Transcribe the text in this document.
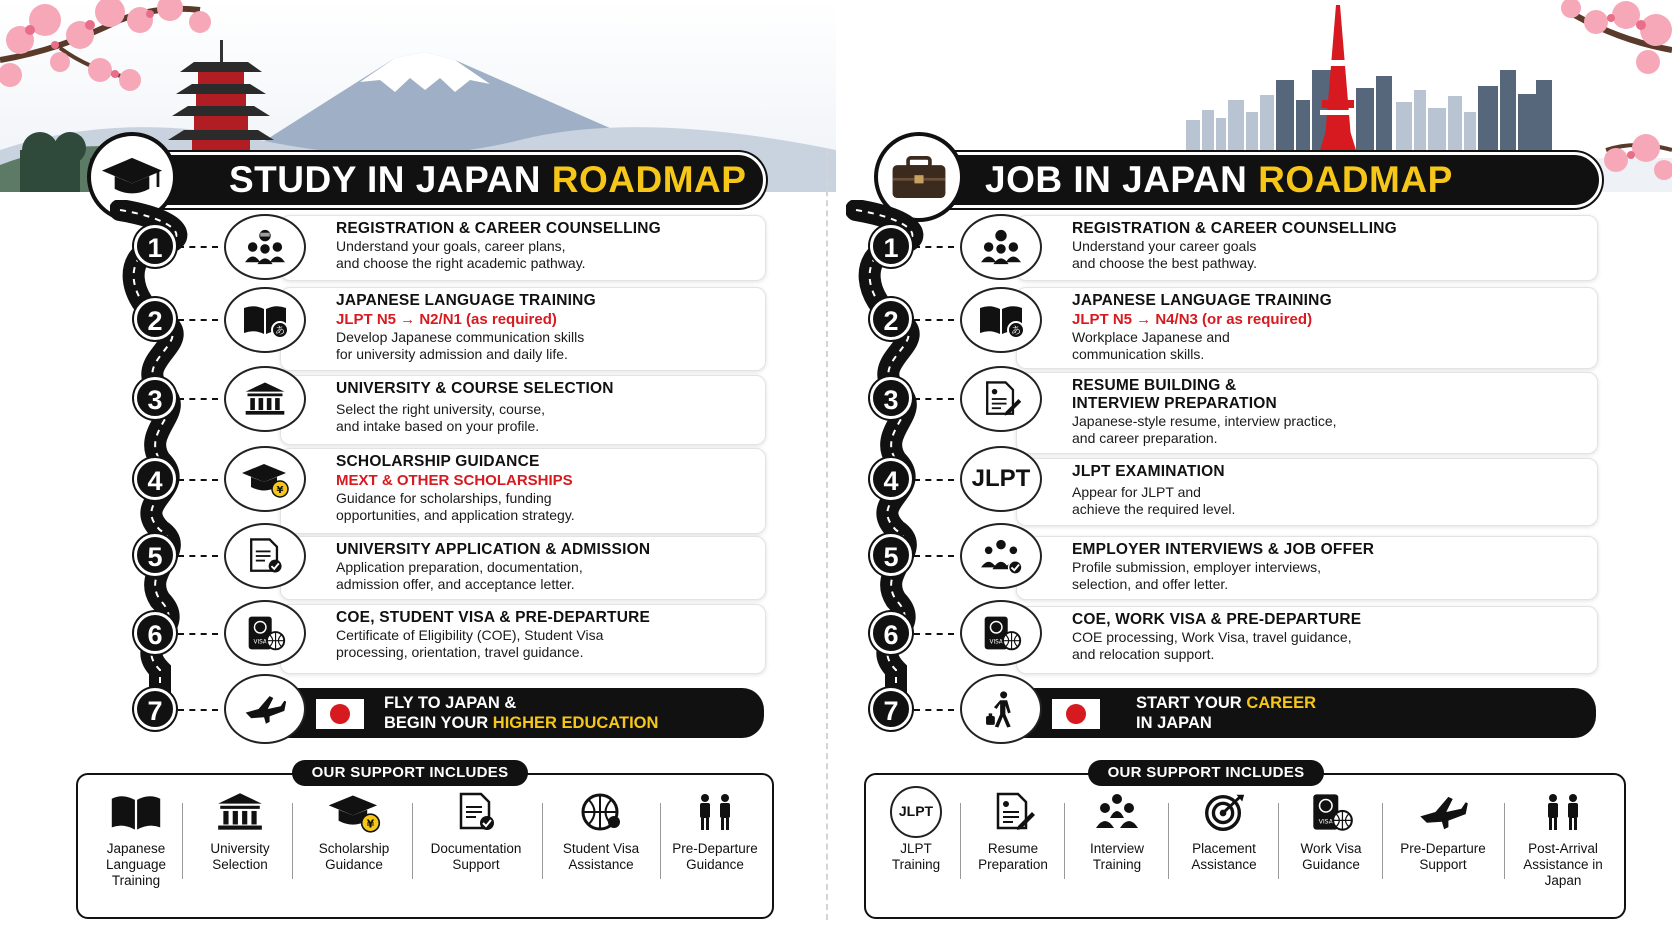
STUDY IN JAPAN ROADMAP
1
REGISTRATION & CAREER COUNSELLING
Understand your goals, career plans,
and choose the right academic pathway.
2	あ
JAPANESE LANGUAGE TRAINING
JLPT N5 → N2/N1 (as required)
Develop Japanese communication skills
for university admission and daily life.
3	UNIVERSITY & COURSE SELECTION
Select the right university, course,
and intake based on your profile.
4	¥
SCHOLARSHIP GUIDANCE
MEXT & OTHER SCHOLARSHIPS
Guidance for scholarships, funding
opportunities, and application strategy.
5	UNIVERSITY APPLICATION & ADMISSION
Application preparation, documentation,
admission offer, and acceptance letter.
6	VISA
COE, STUDENT VISA & PRE-DEPARTURE
Certificate of Eligibility (COE), Student Visa
processing, orientation, travel guidance.
7	FLY TO JAPAN &
BEGIN YOUR HIGHER EDUCATION
Japanese
Language
Training
University
Selection
¥
Scholarship
Guidance
Documentation
Support
Student Visa
Assistance
Pre-Departure
Guidance
OUR SUPPORT INCLUDES
JOB IN JAPAN ROADMAP
1
REGISTRATION & CAREER COUNSELLING
Understand your career goals
and choose the best pathway.
2	あ
JAPANESE LANGUAGE TRAINING
JLPT N5 → N4/N3 (or as required)
Workplace Japanese and
communication skills.
3	RESUME BUILDING &
INTERVIEW PREPARATION
Japanese-style resume, interview practice,
and career preparation.
4	JLPT	JLPT EXAMINATION
Appear for JLPT and
achieve the required level.
5	EMPLOYER INTERVIEWS & JOB OFFER
Profile submission, employer interviews,
selection, and offer letter.
6	VISA
COE, WORK VISA & PRE-DEPARTURE
COE processing, Work Visa, travel guidance,
and relocation support.
7	START YOUR CAREER
IN JAPAN
JLPT
JLPT
Training
Resume
Preparation
Interview
Training
Placement
Assistance
VISA
Work Visa
Guidance
Pre-Departure
Support
Post-Arrival
Assistance in
Japan
OUR SUPPORT INCLUDES
